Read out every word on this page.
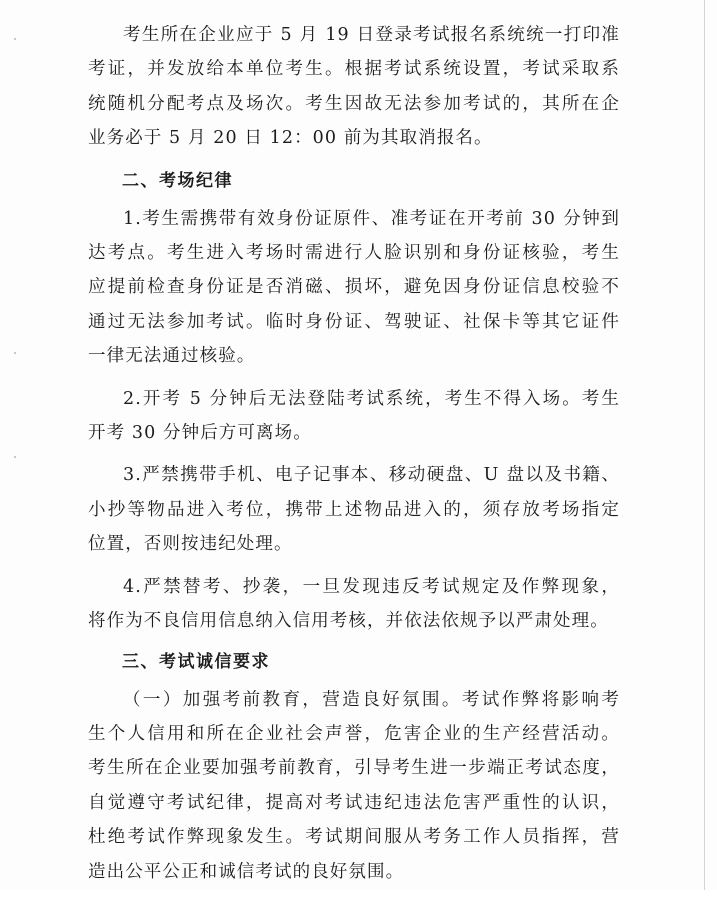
考生所在企业应于 5 月 19 日登录考试报名系统统一打印准
考证，并发放给本单位考生。根据考试系统设置，考试采取系
统随机分配考点及场次。考生因故无法参加考试的，其所在企
业务必于 5 月 20 日 12：00 前为其取消报名。
二、考场纪律
1.考生需携带有效身份证原件、准考证在开考前 30 分钟到
达考点。考生进入考场时需进行人脸识别和身份证核验，考生
应提前检查身份证是否消磁、损坏，避免因身份证信息校验不
通过无法参加考试。临时身份证、驾驶证、社保卡等其它证件
一律无法通过核验。
2.开考 5 分钟后无法登陆考试系统，考生不得入场。考生
开考 30 分钟后方可离场。
3.严禁携带手机、电子记事本、移动硬盘、U 盘以及书籍、
小抄等物品进入考位，携带上述物品进入的，须存放考场指定
位置，否则按违纪处理。
4.严禁替考、抄袭，一旦发现违反考试规定及作弊现象，
将作为不良信用信息纳入信用考核，并依法依规予以严肃处理。
三、考试诚信要求
（一）加强考前教育，营造良好氛围。考试作弊将影响考
生个人信用和所在企业社会声誉，危害企业的生产经营活动。
考生所在企业要加强考前教育，引导考生进一步端正考试态度，
自觉遵守考试纪律，提高对考试违纪违法危害严重性的认识，
杜绝考试作弊现象发生。考试期间服从考务工作人员指挥，营
造出公平公正和诚信考试的良好氛围。
